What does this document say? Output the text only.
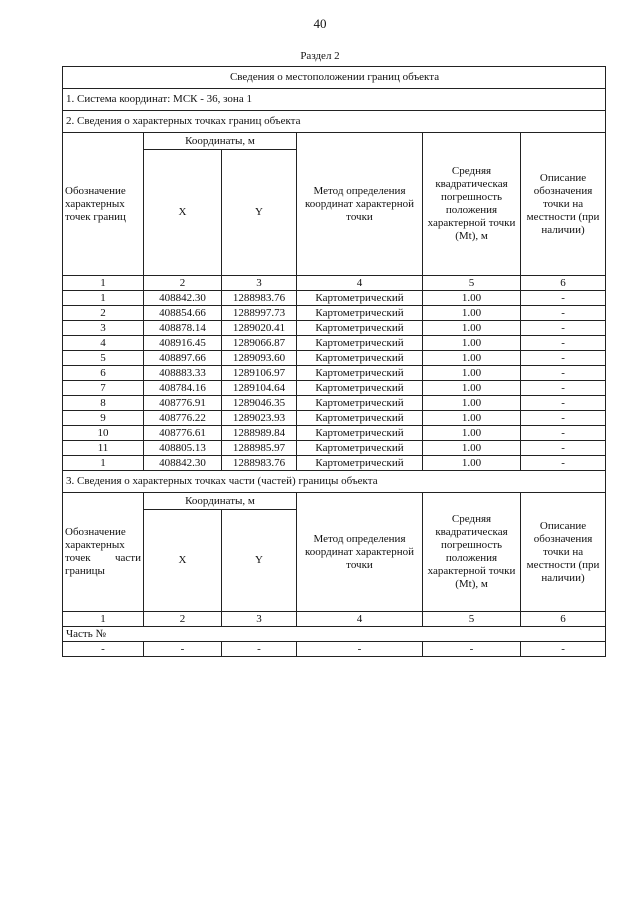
40
Раздел 2
Сведения о местоположении границ объекта					
1. Система координат: МСК - 36, зона 1					
2. Сведения о характерных точках границ объекта					
Обозначение характерных точек границ	Координаты, м		Метод определения координат характерной точки	Средняя квадратическая погрешность положения характерной точки (Mt), м	Описание обозначения точки на местности (при наличии)
	X	Y			
1	2	3	4	5	6
1	408842.30	1288983.76	Картометрический	1.00	-
2	408854.66	1288997.73	Картометрический	1.00	-
3	408878.14	1289020.41	Картометрический	1.00	-
4	408916.45	1289066.87	Картометрический	1.00	-
5	408897.66	1289093.60	Картометрический	1.00	-
6	408883.33	1289106.97	Картометрический	1.00	-
7	408784.16	1289104.64	Картометрический	1.00	-
8	408776.91	1289046.35	Картометрический	1.00	-
9	408776.22	1289023.93	Картометрический	1.00	-
10	408776.61	1288989.84	Картометрический	1.00	-
11	408805.13	1288985.97	Картометрический	1.00	-
1	408842.30	1288983.76	Картометрический	1.00	-
3. Сведения о характерных точках части (частей) границы объекта					
Обозначение характерных точек части границы	Координаты, м		Метод определения координат характерной точки	Средняя квадратическая погрешность положения характерной точки (Mt), м	Описание обозначения точки на местности (при наличии)
	X	Y			
1	2	3	4	5	6
Часть №					
-	-	-	-	-	-
